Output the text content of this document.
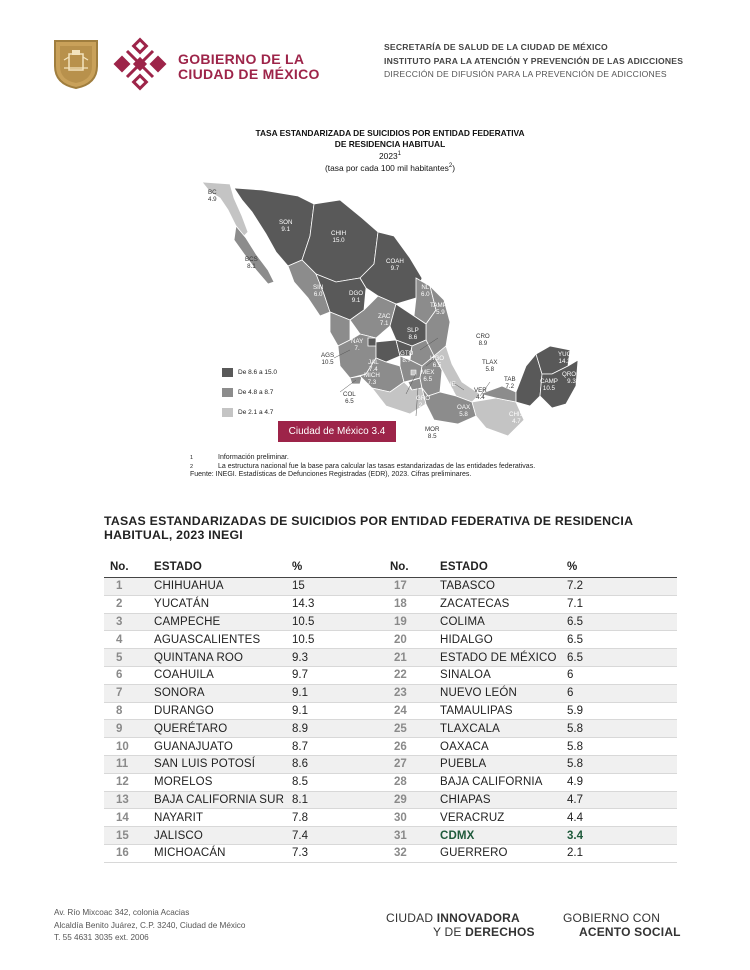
GOBIERNO DE LA
CIUDAD DE MÉXICO
SECRETARÍA DE SALUD DE LA CIUDAD DE MÉXICO
INSTITUTO PARA LA ATENCIÓN Y PREVENCIÓN DE LAS ADICCIONES
DIRECCIÓN DE DIFUSIÓN PARA LA PREVENCIÓN DE ADICCIONES
TASA ESTANDARIZADA DE SUICIDIOS POR ENTIDAD FEDERATIVA
DE RESIDENCIA HABITUAL
2023$^1$
(tasa por cada 100 mil habitantes$^2$)
BC
4.9
SON
9.1
CHIH
15.0
COAH
9.7
BCS
8.1
NL
6.0
SIN
6.0	DGO
9.1
TAMPS
5.9
ZAC
7.1
SLP
8.6	CRO
8.9
NAY
7.
AGS
10.5	JAL
7.4
GTO
8.7	HGO
6.5
MEX
6.5
TLAX
5.8
MICH
7.3	PUE
5.8	VER
4.4
TAB
7.2
YUC
14.3
QROO
9.3
CAMP
10.5
COL
6.5	GRO
2.1	OAX
5.8	CHIS
4.7
MOR
8.5
De 8.6 a 15.0
De 4.8 a 8.7
De 2.1 a 4.7
Ciudad de México 3.4
1	Información preliminar.
2	La estructura nacional fue la base para calcular las tasas estandarizadas de las entidades federativas.
Fuente: INEGI. Estadísticas de Defunciones Registradas (EDR), 2023. Cifras preliminares.
TASAS ESTANDARIZADAS DE SUICIDIOS POR ENTIDAD FEDERATIVA DE RESIDENCIA HABITUAL, 2023 INEGI
No.	ESTADO	%	No.	ESTADO	%
1	CHIHUAHUA	15	17	TABASCO	7.2
2	YUCATÁN	14.3	18	ZACATECAS	7.1
3	CAMPECHE	10.5	19	COLIMA	6.5
4	AGUASCALIENTES	10.5	20	HIDALGO	6.5
5	QUINTANA ROO	9.3	21	ESTADO DE MÉXICO 6.5
6	COAHUILA	9.7	22	SINALOA	6
7	SONORA	9.1	23	NUEVO LEÓN	6
8	DURANGO	9.1	24	TAMAULIPAS	5.9
9	QUERÉTARO	8.9	25	TLAXCALA	5.8
10	GUANAJUATO	8.7	26	OAXACA	5.8
11	SAN LUIS POTOSÍ	8.6	27	PUEBLA	5.8
12	MORELOS	8.5	28	BAJA CALIFORNIA	4.9
13	BAJA CALIFORNIA SUR 8.1	29	CHIAPAS	4.7
14	NAYARIT	7.8	30	VERACRUZ	4.4
15	JALISCO	7.4	31	CDMX	3.4
16	MICHOACÁN	7.3	32	GUERRERO	2.1
Av. Río Mixcoac 342, colonia Acacias
Alcaldía Benito Juárez, C.P. 3240, Ciudad de México
T. 55 4631 3035 ext. 2006
CIUDAD INNOVADORA
Y DE DERECHOS
GOBIERNO CON
ACENTO SOCIAL
